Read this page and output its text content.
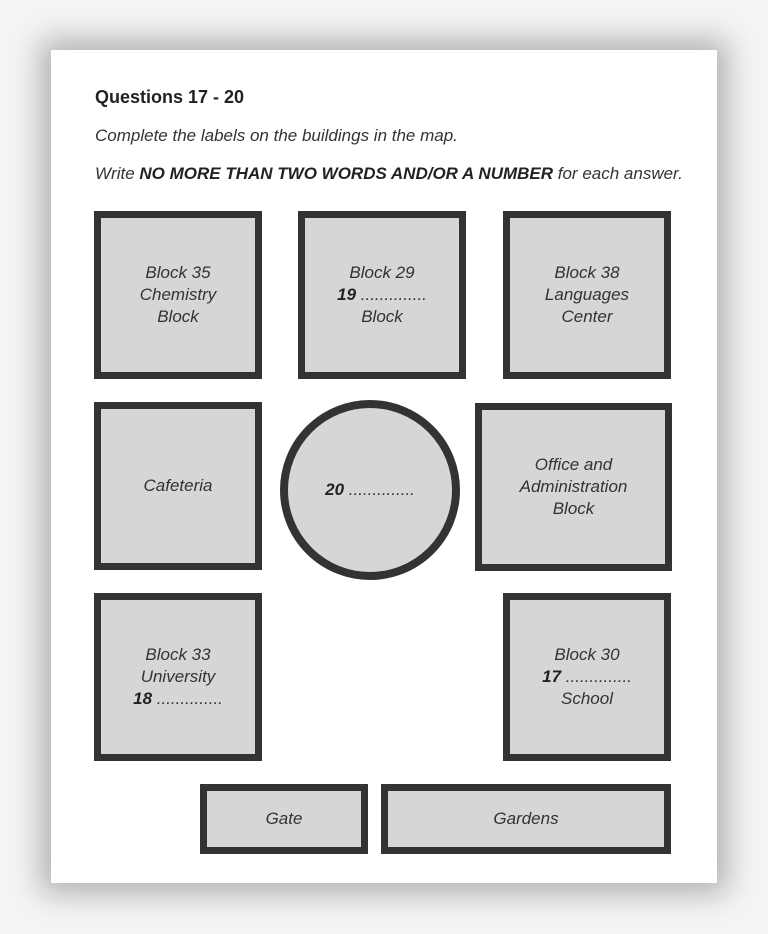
Questions 17 - 20
Complete the labels on the buildings in the map.
Write NO MORE THAN TWO WORDS AND/OR A NUMBER for each answer.
Block 35
Chemistry
Block
Block 29
19 ..............
Block
Block 38
Languages
Center
Cafeteria	20 ..............
Office and
Administration
Block
Block 33
University
18 ..............
Block 30
17 ..............
School
Gate	Gardens
